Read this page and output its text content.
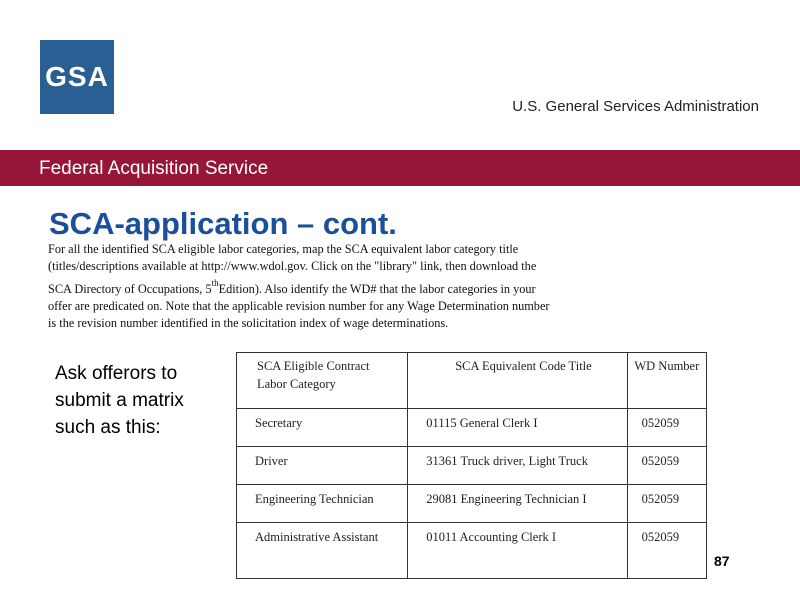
GSA
U.S. General Services Administration
Federal Acquisition Service
SCA-application – cont.
For all the identified SCA eligible labor categories, map the SCA equivalent labor category title (titles/descriptions available at http://www.wdol.gov. Click on the "library" link, then download the SCA Directory of Occupations, 5thEdition). Also identify the WD# that the labor categories in your offer are predicated on. Note that the applicable revision number for any Wage Determination number is the revision number identified in the solicitation index of wage determinations.
Ask offerors to submit a matrix such as this:
SCA Eligible Contract Labor Category	SCA Equivalent Code Title	WD Number
Secretary	01115 General Clerk I	052059
Driver	31361 Truck driver, Light Truck	052059
Engineering Technician	29081 Engineering Technician I	052059
Administrative Assistant	01011 Accounting Clerk I	052059
87
